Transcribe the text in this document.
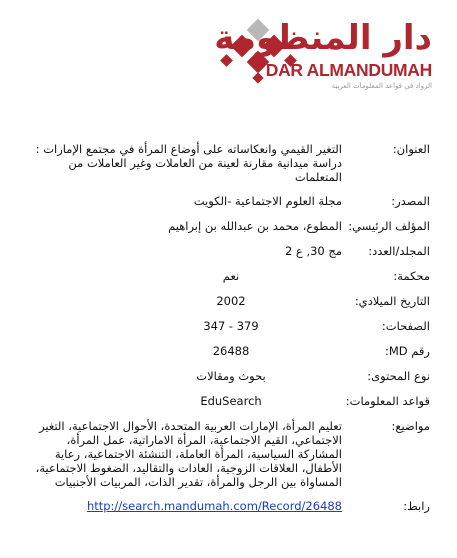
دار المنظومة
DAR ALMANDUMAH
الرواد في قواعد المعلومات العربية
العنوان:
التغير القيمي وانعكاساته على أوضاع المرأة في مجتمع الإمارات : دراسة ميدانية مقارنة لعينة من العاملات وغير العاملات من المتعلمات
المصدر:
مجلة العلوم الاجتماعية -الكويت
المؤلف الرئيسي:
المطوع، محمد بن عبدالله بن إبراهيم
المجلد/العدد:
مج 30, ع 2
محكمة:
نعم
التاريخ الميلادي:
2002
الصفحات:
347 - 379
رقم MD:
26488
نوع المحتوى:
بحوث ومقالات
قواعد المعلومات:
EduSearch
مواضيع:
تعليم المرأة، الإمارات العربية المتحدة، الأحوال الاجتماعية، التغير الاجتماعي، القيم الاجتماعية، المرأة الاماراتية، عمل المرأة، المشاركة السياسية، المرأة العاملة، التنشئة الاجتماعية، رعاية الأطفال، العلاقات الزوجية، العادات والتقاليد، الضغوط الاجتماعية، المساواة بين الرجل والمرأة، تقدير الذات، المربيات الأجنبيات
رابط:
http://search.mandumah.com/Record/26488
